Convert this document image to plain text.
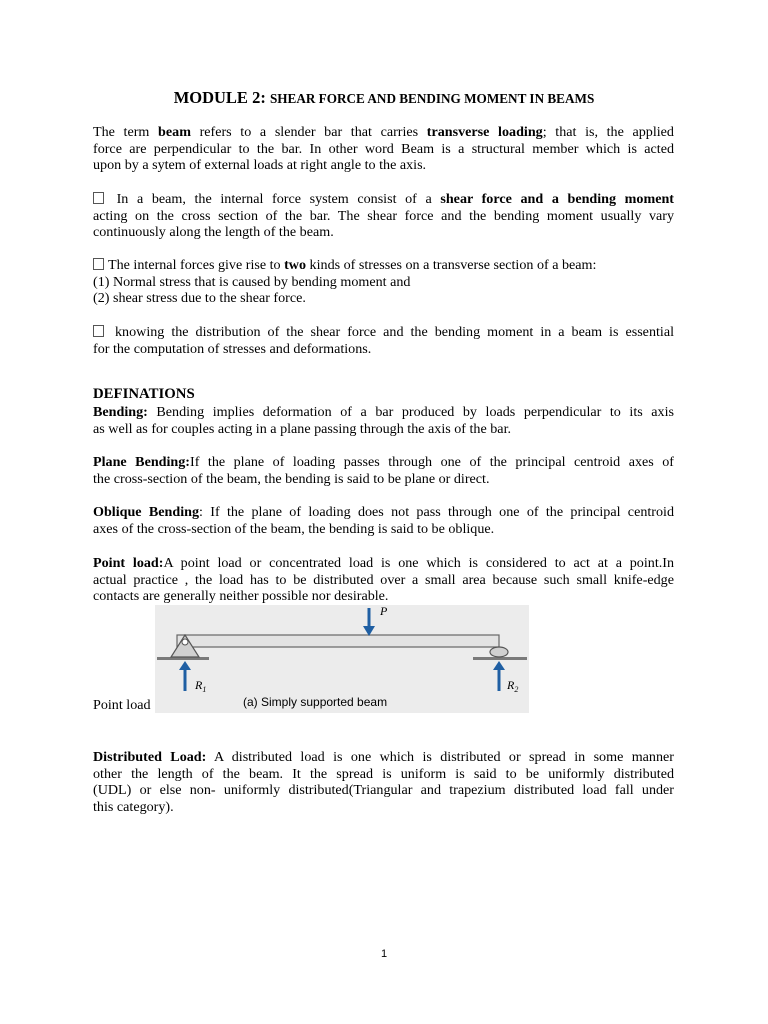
MODULE 2: SHEAR FORCE AND BENDING MOMENT IN BEAMS
The term beam refers to a slender bar that carries transverse loading; that is, the applied
force are perpendicular to the bar. In other word Beam is a structural member which is acted
upon by a sytem of external loads at right angle to the axis.
In a beam, the internal force system consist of a shear force and a bending moment
acting on the cross section of the bar. The shear force and the bending moment usually vary
continuously along the length of the beam.
The internal forces give rise to two kinds of stresses on a transverse section of a beam:
(1) Normal stress that is caused by bending moment and
(2) shear stress due to the shear force.
knowing the distribution of the shear force and the bending moment in a beam is essential
for the computation of stresses and deformations.
DEFINATIONS
Bending: Bending implies deformation of a bar produced by loads perpendicular to its axis
as well as for couples acting in a plane passing through the axis of the bar.
Plane Bending:If the plane of loading passes through one of the principal centroid axes of
the cross-section of the beam, the bending is said to be plane or direct.
Oblique Bending: If the plane of loading does not pass through one of the principal centroid
axes of the cross-section of the beam, the bending is said to be oblique.
Point load:A point load or concentrated load is one which is considered to act at a point.In
actual practice , the load has to be distributed over a small area because such small knife-edge
contacts are generally neither possible nor desirable.
P
$R_1$	$R_2$
(a) Simply supported beam
Point load
Distributed Load: A distributed load is one which is distributed or spread in some manner
other the length of the beam. It the spread is uniform is said to be uniformly distributed
(UDL) or else non- uniformly distributed(Triangular and trapezium distributed load fall under
this category).
1
